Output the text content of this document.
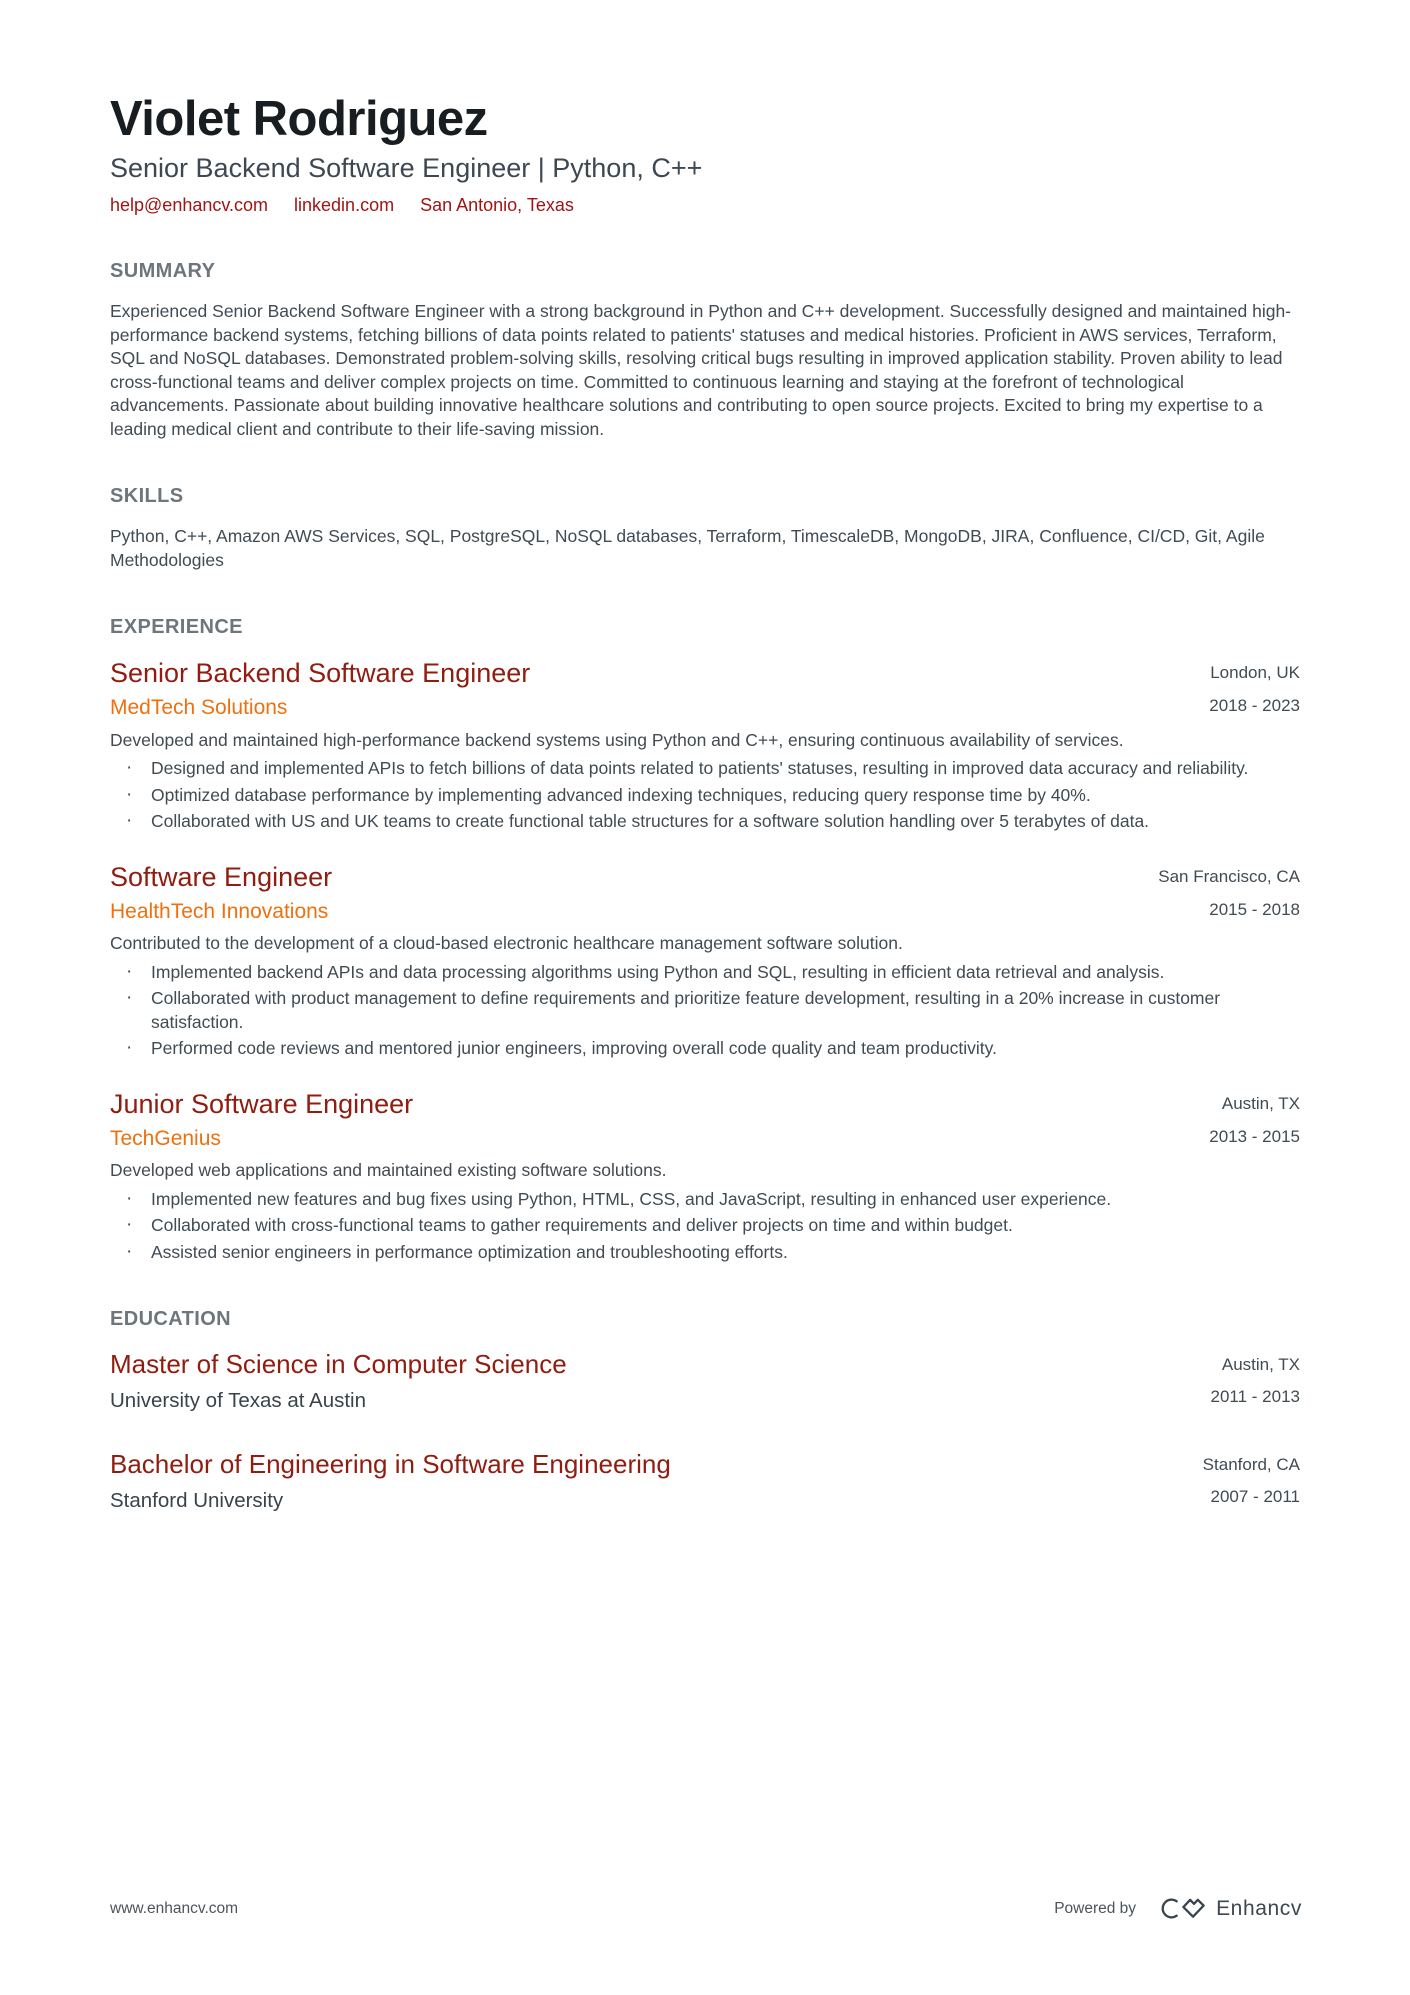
Violet Rodriguez
Senior Backend Software Engineer | Python, C++
help@enhancv.com linkedin.com San Antonio, Texas
SUMMARY
Experienced Senior Backend Software Engineer with a strong background in Python and C++ development. Successfully designed and maintained high-performance backend systems, fetching billions of data points related to patients' statuses and medical histories. Proficient in AWS services, Terraform, SQL and NoSQL databases. Demonstrated problem-solving skills, resolving critical bugs resulting in improved application stability. Proven ability to lead cross-functional teams and deliver complex projects on time. Committed to continuous learning and staying at the forefront of technological advancements. Passionate about building innovative healthcare solutions and contributing to open source projects. Excited to bring my expertise to a leading medical client and contribute to their life-saving mission.
SKILLS
Python, C++, Amazon AWS Services, SQL, PostgreSQL, NoSQL databases, Terraform, TimescaleDB, MongoDB, JIRA, Confluence, CI/CD, Git, Agile Methodologies
EXPERIENCE
Senior Backend Software Engineer	London, UK
MedTech Solutions	2018 - 2023
Developed and maintained high-performance backend systems using Python and C++, ensuring continuous availability of services.
· Designed and implemented APIs to fetch billions of data points related to patients' statuses, resulting in improved data accuracy and reliability.
· Optimized database performance by implementing advanced indexing techniques, reducing query response time by 40%.
· Collaborated with US and UK teams to create functional table structures for a software solution handling over 5 terabytes of data.
Software Engineer	San Francisco, CA
HealthTech Innovations	2015 - 2018
Contributed to the development of a cloud-based electronic healthcare management software solution.
· Implemented backend APIs and data processing algorithms using Python and SQL, resulting in efficient data retrieval and analysis.
· Collaborated with product management to define requirements and prioritize feature development, resulting in a 20% increase in customer satisfaction.
· Performed code reviews and mentored junior engineers, improving overall code quality and team productivity.
Junior Software Engineer	Austin, TX
TechGenius	2013 - 2015
Developed web applications and maintained existing software solutions.
· Implemented new features and bug fixes using Python, HTML, CSS, and JavaScript, resulting in enhanced user experience.
· Collaborated with cross-functional teams to gather requirements and deliver projects on time and within budget.
· Assisted senior engineers in performance optimization and troubleshooting efforts.
EDUCATION
Master of Science in Computer Science	Austin, TX
University of Texas at Austin	2011 - 2013
Bachelor of Engineering in Software Engineering	Stanford, CA
Stanford University	2007 - 2011
www.enhancv.com	Powered by	Enhancv
